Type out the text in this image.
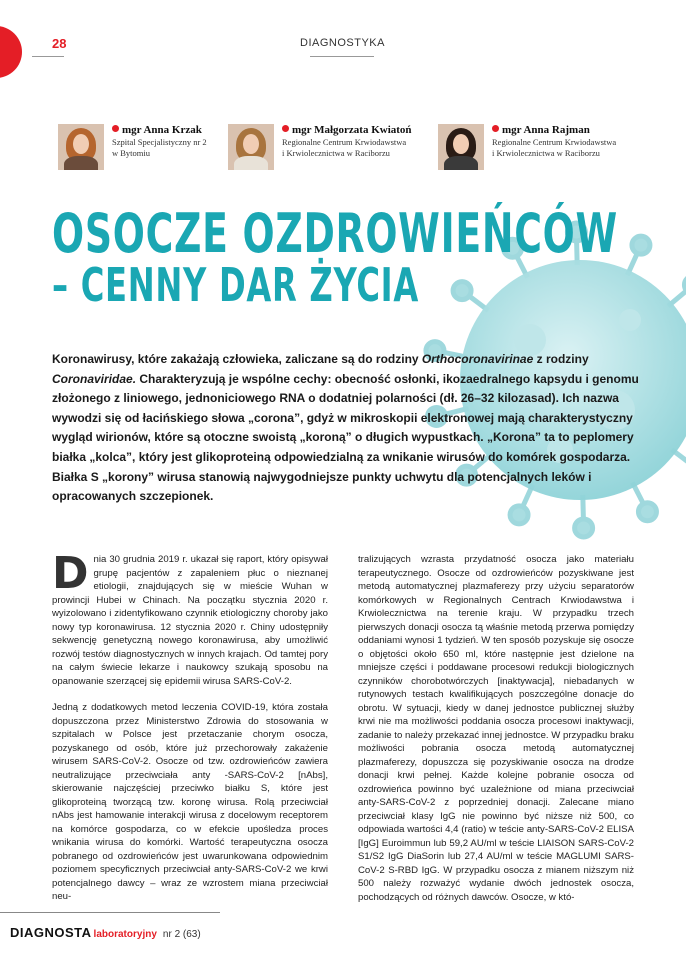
28	DIAGNOSTYKA
mgr Anna Krzak
Szpital Specjalistyczny nr 2
w Bytomiu
mgr Małgorzata Kwiatoń
Regionalne Centrum Krwiodawstwa
i Krwiolecznictwa w Raciborzu
mgr Anna Rajman
Regionalne Centrum Krwiodawstwa
i Krwiolecznictwa w Raciborzu
OSOCZE OZDROWIEŃCÓW
– CENNY DAR ŻYCIA

Koronawirusy, które zakażają człowieka, zaliczane są do rodziny Orthocoronavirinae z rodziny Coronaviridae. Charakteryzują je wspólne cechy: obecność osłonki, ikozaedralnego kapsydu i genomu złożonego z liniowego, jednoniciowego RNA o dodatniej polarności (dł. 26–32 kilozasad). Ich nazwa wywodzi się od łacińskiego słowa „corona”, gdyż w mikroskopii elektronowej mają charakterystyczny wygląd wirionów, które są otoczne swoistą „koroną” o długich wypustkach. „Korona” ta to peplomery białka „kolca”, który jest glikoproteiną odpowiedzialną za wnikanie wirusów do komórek gospodarza. Białka S „korony” wirusa stanowią najwygodniejsze punkty uchwytu dla potencjalnych leków i opracowanych szczepionek.

Dnia 30 grudnia 2019 r. ukazał się raport, który opisywał grupę pacjentów z zapaleniem płuc o nieznanej etiologii, znajdujących się w mieście Wuhan w prowincji Hubei w Chinach. Na początku stycznia 2020 r. wyizolowano i zidentyfikowano czynnik etiologiczny choroby jako nowy typ koronawirusa. 12 stycznia 2020 r. Chiny udostępniły sekwencję genetyczną nowego koronawirusa, aby umożliwić rozwój testów diagnostycznych w innych krajach. Od tamtej pory na całym świecie lekarze i naukowcy szukają sposobu na opanowanie szerzącej się epidemii wirusa SARS-CoV-2.

Jedną z dodatkowych metod leczenia COVID-19, która została dopuszczona przez Ministerstwo Zdrowia do stosowania w szpitalach w Polsce jest przetaczanie chorym osocza, pozyskanego od osób, które już przechorowały zakażenie wirusem SARS-CoV-2. Osocze od tzw. ozdrowieńców zawiera neutralizujące przeciwciała anty -SARS-CoV-2 [nAbs], skierowanie najczęściej przeciwko białku S, które jest glikoproteiną tworzącą tzw. koronę wirusa. Rolą przeciwciał nAbs jest hamowanie interakcji wirusa z docelowym receptorem na komórce gospodarza, co w efekcie upośledza proces wnikania wirusa do komórki. Wartość terapeutyczna osocza pobranego od ozdrowieńców jest uwarunkowana odpowiednim poziomem specyficznych przeciwciał anty-SARS-CoV-2 we krwi potencjalnego dawcy – wraz ze wzrostem miana przeciwciał neu-

tralizujących wzrasta przydatność osocza jako materiału terapeutycznego. Osocze od ozdrowieńców pozyskiwane jest metodą automatycznej plazmaferezy przy użyciu separatorów komórkowych w Regionalnych Centrach Krwiodawstwa i Krwiolecznictwa na terenie kraju. W przypadku trzech pierwszych donacji osocza tą właśnie metodą przerwa pomiędzy oddaniami wynosi 1 tydzień. W ten sposób pozyskuje się osocze o objętości około 650 ml, które następnie jest dzielone na mniejsze części i poddawane procesowi redukcji biologicznych czynników chorobotwórczych [inaktywacja], niebadanych w rutynowych testach kwalifikujących poszczególne donacje do obrotu. W sytuacji, kiedy w danej jednostce publicznej służby krwi nie ma możliwości poddania osocza procesowi inaktywacji, zadanie to należy przekazać innej jednostce. W przypadku braku możliwości pobrania osocza metodą automatycznej plazmaferezy, dopuszcza się pozyskiwanie osocza na drodze donacji krwi pełnej. Każde kolejne pobranie osocza od ozdrowieńca powinno być uzależnione od miana przeciwciał anty-SARS-CoV-2 z poprzedniej donacji. Zalecane miano przeciwciał klasy IgG nie powinno być niższe niż 500, co odpowiada wartości 4,4 (ratio) w teście anty-SARS-CoV-2 ELISA [IgG] Euroimmun lub 59,2 AU/ml w teście LIAISON SARS-CoV-2 S1/S2 IgG DiaSorin lub 27,4 AU/ml w teście MAGLUMI SARS-CoV-2 S-RBD IgG. W przypadku osocza z mianem niższym niż 500 należy rozważyć wydanie dwóch jednostek osocza, pochodzących od różnych dawców. Osocze, w któ-

DIAGNOSTA laboratoryjny nr 2 (63)
